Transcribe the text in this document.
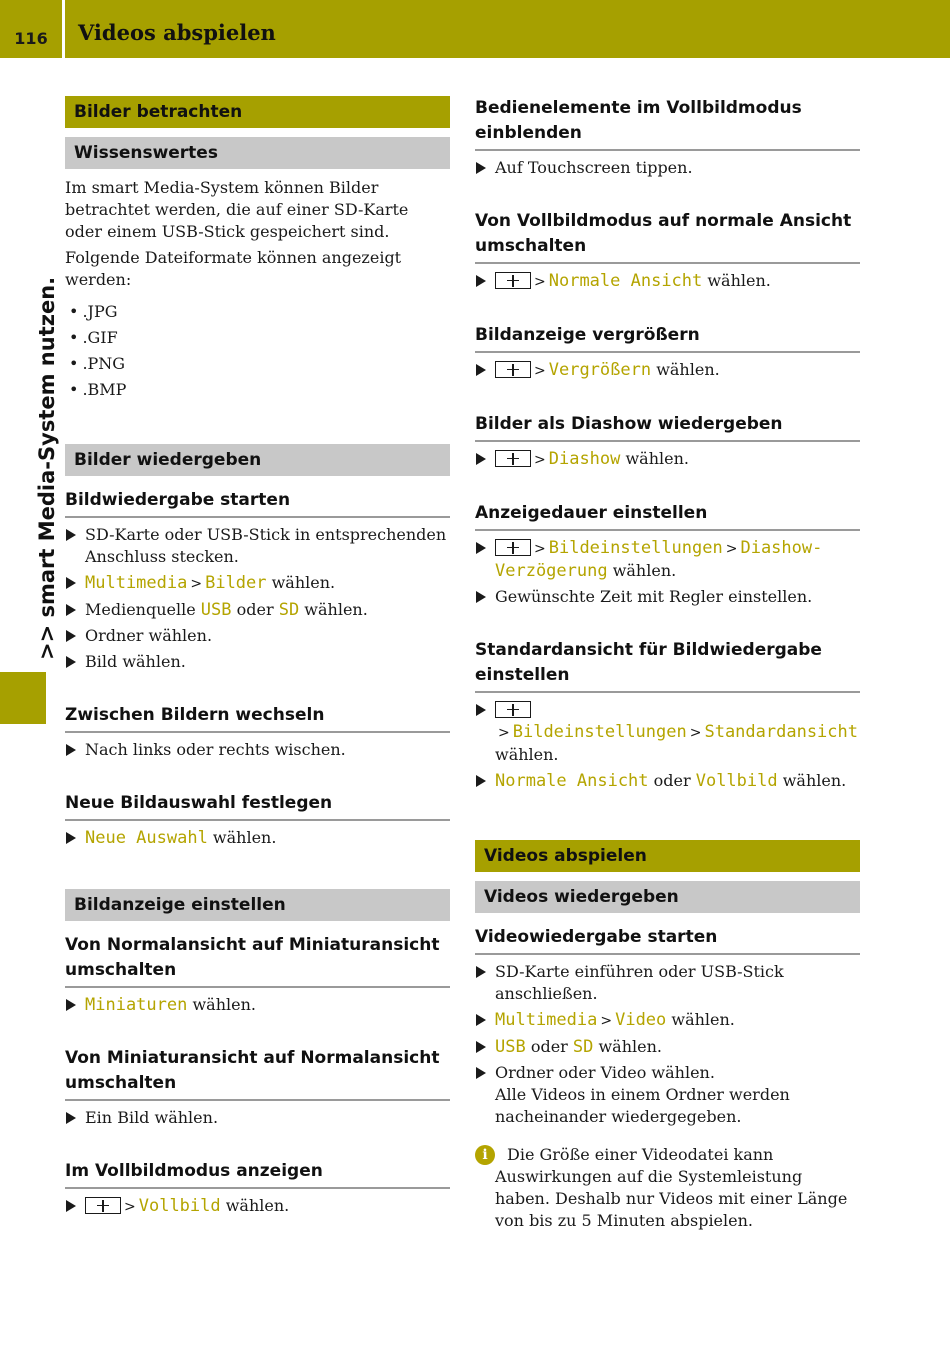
116	Videos abspielen
>> smart Media-System nutzen.
Bilder betrachten
Wissenswertes

Im smart Media-System können Bilder betrachtet werden, die auf einer SD-Karte oder einem USB-Stick gespeichert sind.

Folgende Dateiformate können angezeigt werden:

• .JPG
• .GIF
• .PNG
• .BMP
Bilder wiedergeben
Bildwiedergabe starten
SD-Karte oder USB-Stick in entsprechenden Anschluss stecken.
Multimedia > Bilder wählen.
Medienquelle USB oder SD wählen.
Ordner wählen.
Bild wählen.
Zwischen Bildern wechseln
Nach links oder rechts wischen.
Neue Bildauswahl festlegen
Neue Auswahl wählen.
Bildanzeige einstellen
Von Normalansicht auf Miniaturansicht umschalten
Miniaturen wählen.
Von Miniaturansicht auf Normalansicht umschalten
Ein Bild wählen.
Im Vollbildmodus anzeigen
> Vollbild wählen.
Bedienelemente im Vollbildmodus einblenden
Auf Touchscreen tippen.
Von Vollbildmodus auf normale Ansicht umschalten
> Normale Ansicht wählen.
Bildanzeige vergrößern
> Vergrößern wählen.
Bilder als Diashow wiedergeben
> Diashow wählen.
Anzeigedauer einstellen
> Bildeinstellungen > Diashow-Verzögerung wählen.
Gewünschte Zeit mit Regler einstellen.
Standardansicht für Bildwiedergabe einstellen
> Bildeinstellungen > Standardansicht wählen.
Normale Ansicht oder Vollbild wählen.
Videos abspielen
Videos wiedergeben
Videowiedergabe starten
SD-Karte einführen oder USB-Stick anschließen.
Multimedia > Video wählen.
USB oder SD wählen.
Ordner oder Video wählen.
Alle Videos in einem Ordner werden nacheinander wiedergegeben.
i	Die Größe einer Videodatei kann Auswirkungen auf die Systemleistung haben. Deshalb nur Videos mit einer Länge von bis zu 5 Minuten abspielen.
